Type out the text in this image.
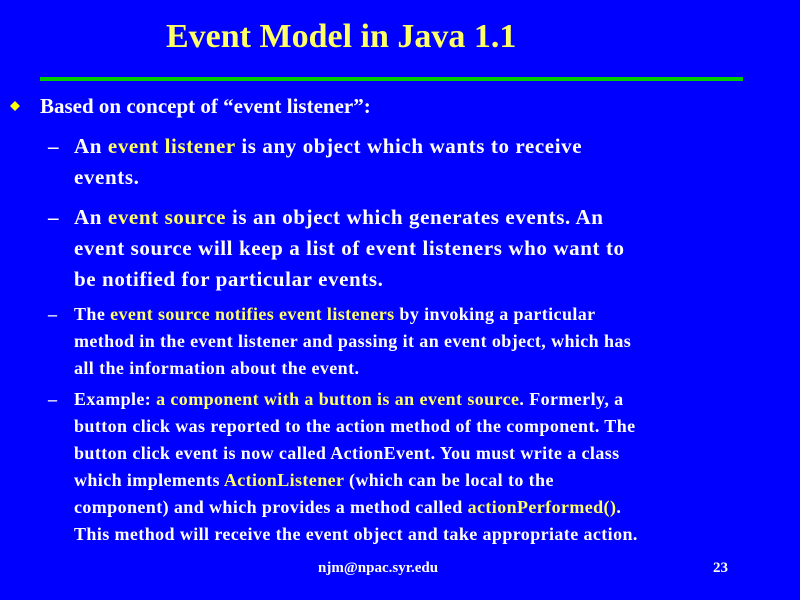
Event Model in Java 1.1
Based on concept of “event listener”:
– An event listener is any object which wants to receive
events.
– An event source is an object which generates events. An
event source will keep a list of event listeners who want to
be notified for particular events.
– The event source notifies event listeners by invoking a particular
method in the event listener and passing it an event object, which has
all the information about the event.
– Example: a component with a button is an event source. Formerly, a
button click was reported to the action method of the component. The
button click event is now called ActionEvent. You must write a class
which implements ActionListener (which can be local to the
component) and which provides a method called actionPerformed().
This method will receive the event object and take appropriate action.
njm@npac.syr.edu	23
